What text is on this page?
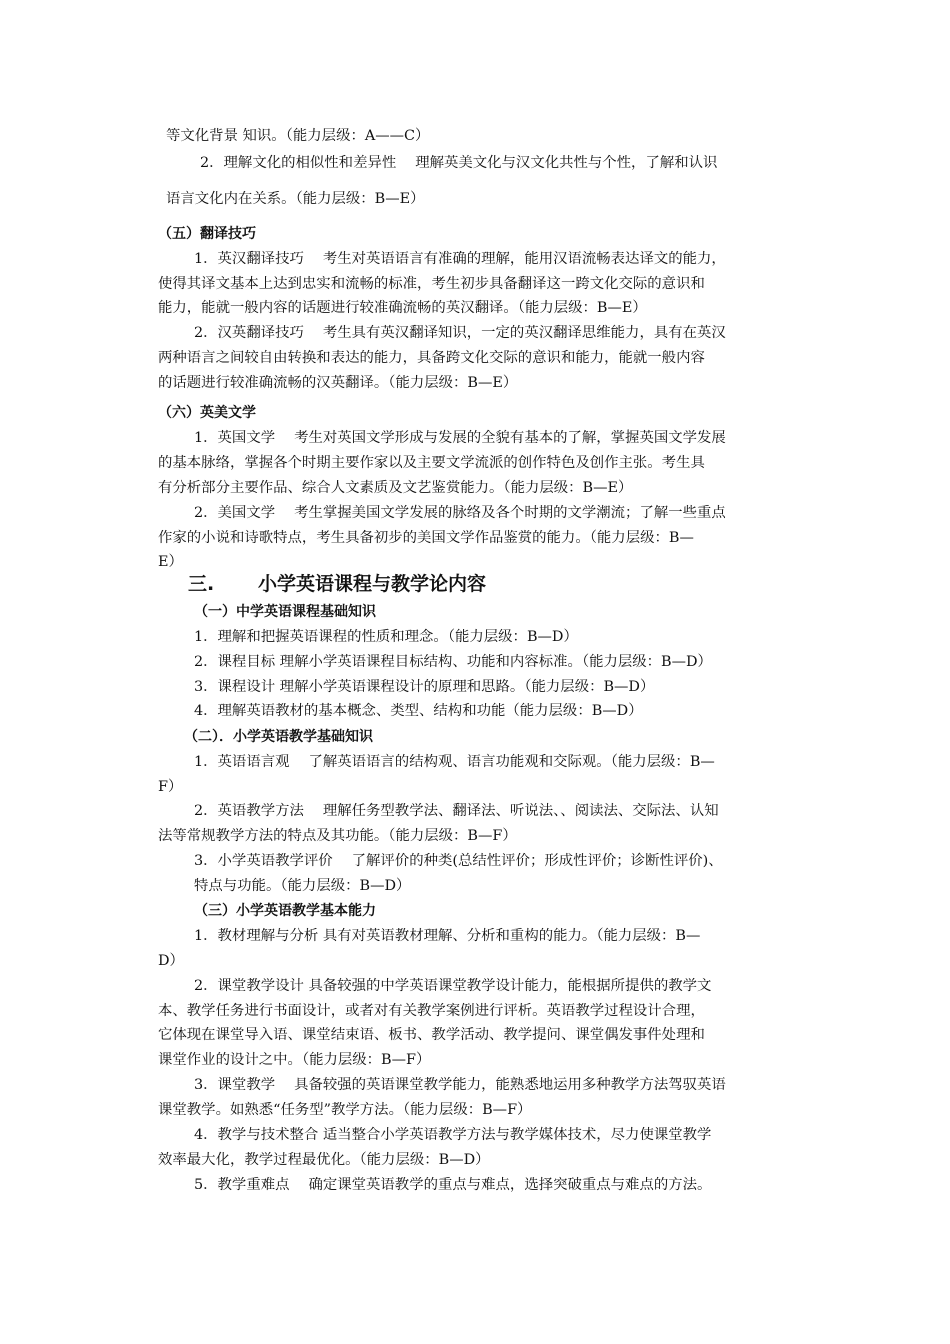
等文化背景 知识。（能力层级：A——C）
2．理解文化的相似性和差异性　 理解英美文化与汉文化共性与个性，了解和认识
语言文化内在关系。（能力层级：B—E）
（五）翻译技巧
1．英汉翻译技巧　 考生对英语语言有准确的理解，能用汉语流畅表达译文的能力，
使得其译文基本上达到忠实和流畅的标准，考生初步具备翻译这一跨文化交际的意识和
能力，能就一般内容的话题进行较准确流畅的英汉翻译。（能力层级：B—E）
2．汉英翻译技巧　 考生具有英汉翻译知识，一定的英汉翻译思维能力，具有在英汉
两种语言之间较自由转换和表达的能力，具备跨文化交际的意识和能力，能就一般内容
的话题进行较准确流畅的汉英翻译。（能力层级：B—E）
（六）英美文学
1．英国文学　 考生对英国文学形成与发展的全貌有基本的了解，掌握英国文学发展
的基本脉络，掌握各个时期主要作家以及主要文学流派的创作特色及创作主张。考生具
有分析部分主要作品、综合人文素质及文艺鉴赏能力。（能力层级：B—E）
2．美国文学　 考生掌握美国文学发展的脉络及各个时期的文学潮流；了解一些重点
作家的小说和诗歌特点，考生具备初步的美国文学作品鉴赏的能力。（能力层级：B—
E）
三. 小学英语课程与教学论内容
（一）中学英语课程基础知识
1．理解和把握英语课程的性质和理念。（能力层级：B—D）
2．课程目标 理解小学英语课程目标结构、功能和内容标准。（能力层级：B—D）
3．课程设计 理解小学英语课程设计的原理和思路。（能力层级：B—D）
4．理解英语教材的基本概念、类型、结构和功能（能力层级：B—D）
（二）．小学英语教学基础知识
1．英语语言观　 了解英语语言的结构观、语言功能观和交际观。（能力层级：B—
F）
2．英语教学方法　 理解任务型教学法、翻译法、听说法、、阅读法、交际法、认知
法等常规教学方法的特点及其功能。（能力层级：B—F）
3．小学英语教学评价　 了解评价的种类(总结性评价；形成性评价；诊断性评价)、
特点与功能。（能力层级：B—D）
（三）小学英语教学基本能力
1．教材理解与分析 具有对英语教材理解、分析和重构的能力。（能力层级：B—
D）
2．课堂教学设计 具备较强的中学英语课堂教学设计能力，能根据所提供的教学文
本、教学任务进行书面设计，或者对有关教学案例进行评析。英语教学过程设计合理，
它体现在课堂导入语、课堂结束语、板书、教学活动、教学提问、课堂偶发事件处理和
课堂作业的设计之中。（能力层级：B—F）
3．课堂教学　 具备较强的英语课堂教学能力，能熟悉地运用多种教学方法驾驭英语
课堂教学。如熟悉“任务型”教学方法。（能力层级：B—F）
4．教学与技术整合 适当整合小学英语教学方法与教学媒体技术，尽力使课堂教学
效率最大化，教学过程最优化。（能力层级：B—D）
5．教学重难点　 确定课堂英语教学的重点与难点，选择突破重点与难点的方法。
